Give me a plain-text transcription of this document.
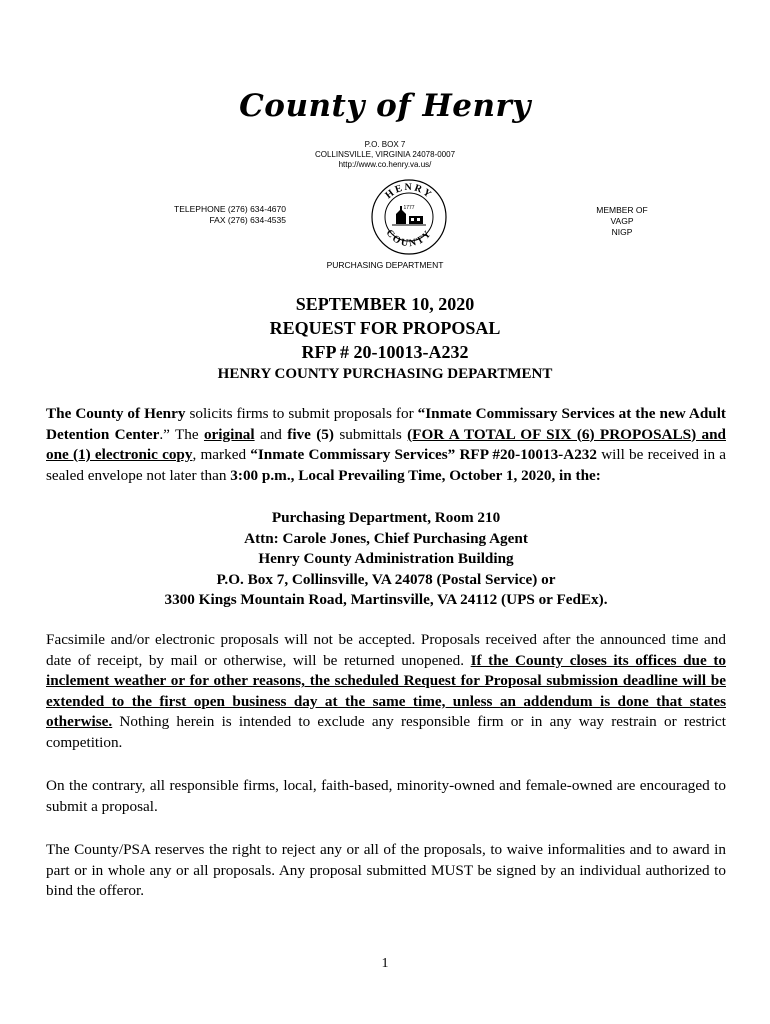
County of Henry
P.O. BOX 7
COLLINSVILLE, VIRGINIA 24078-0007
http://www.co.henry.va.us/
TELEPHONE (276) 634-4670
FAX (276) 634-4535
HENRY
COUNTY
1777	MEMBER OF
VAGP
NIGP
PURCHASING DEPARTMENT
SEPTEMBER 10, 2020
REQUEST FOR PROPOSAL
RFP # 20-10013-A232
HENRY COUNTY PURCHASING DEPARTMENT
The County of Henry solicits firms to submit proposals for “Inmate Commissary Services at the new Adult Detention Center.” The original and five (5) submittals (FOR A TOTAL OF SIX (6) PROPOSALS) and one (1) electronic copy, marked “Inmate Commissary Services” RFP #20-10013-A232 will be received in a sealed envelope not later than 3:00 p.m., Local Prevailing Time, October 1, 2020, in the:
Purchasing Department, Room 210
Attn: Carole Jones, Chief Purchasing Agent
Henry County Administration Building
P.O. Box 7, Collinsville, VA 24078 (Postal Service) or
3300 Kings Mountain Road, Martinsville, VA 24112 (UPS or FedEx).
Facsimile and/or electronic proposals will not be accepted. Proposals received after the announced time and date of receipt, by mail or otherwise, will be returned unopened. If the County closes its offices due to inclement weather or for other reasons, the scheduled Request for Proposal submission deadline will be extended to the first open business day at the same time, unless an addendum is done that states otherwise. Nothing herein is intended to exclude any responsible firm or in any way restrain or restrict competition.
On the contrary, all responsible firms, local, faith-based, minority-owned and female-owned are encouraged to submit a proposal.
The County/PSA reserves the right to reject any or all of the proposals, to waive informalities and to award in part or in whole any or all proposals. Any proposal submitted MUST be signed by an individual authorized to bind the offeror.
1
